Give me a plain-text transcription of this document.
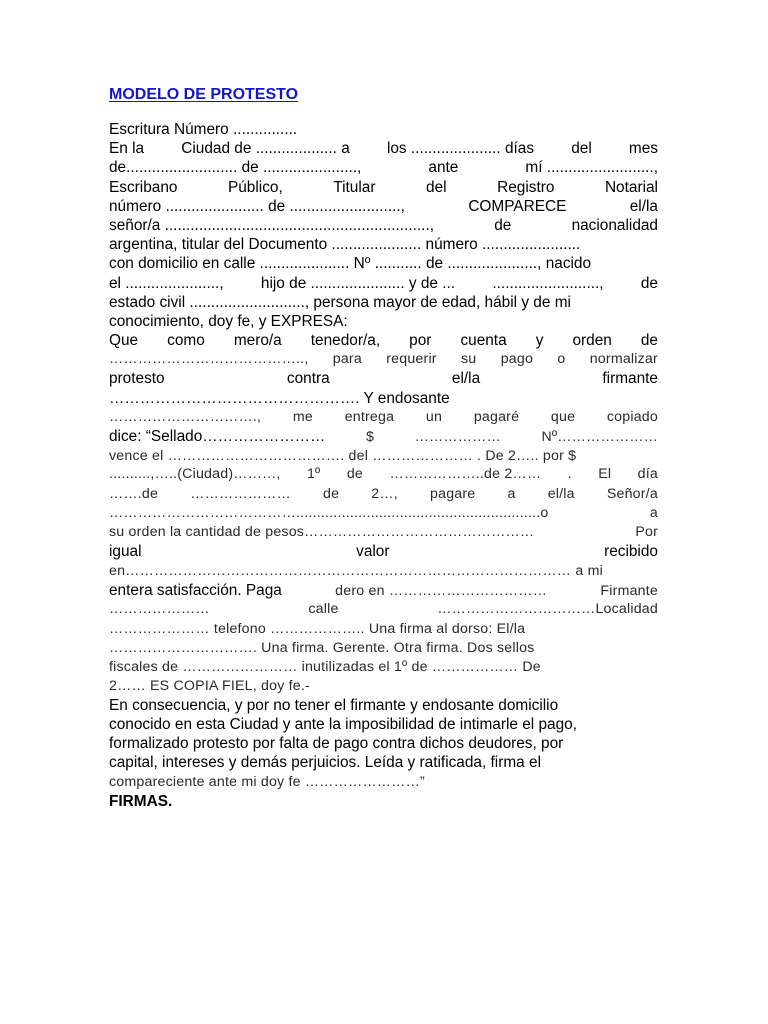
MODELO DE PROTESTO
Escritura Número ...............
En la Ciudad de ................... a los ..................... días del mes
de.......................... de ......................,	ante	mí .........................,
Escribano	Público,	Titular	del	Registro	Notarial
número ....................... de ..........................,	COMPARECE	el/la
señor/a ..............................................................,	de	nacionalidad
argentina, titular del Documento ..................... número .......................
con domicilio en calle ..................... Nº ........... de ....................., nacido
el ......................, hijo de ...................... y de ... ........................., de
estado civil ..........................., persona mayor de edad, hábil y de mi
conocimiento, doy fe, y EXPRESA:
Que como mero/a tenedor/a, por cuenta y orden de
………………………………….., para requerir su pago o normalizar
protesto	contra	el/la	firmante
…………………………………………. Y endosante
…………………………., me entrega un pagaré que copiado
dice: “Sellado……………………	$	………………	Nº…………………
vence el ………………………………. del ………………… . De 2….. por $
..........,…..(Ciudad)………, 1º de ………………..de 2…… . El día
…….de ………………… de 2…, pagare a el/la Señor/a
…………………………………...........................................................o	a
su orden la cantidad de pesos…………………………………………	Por
igual	valor	recibido
en………………………………………………………………………………… a mi
entera satisfacción. Paga	dero en ……………………………	Firmante
…………………	calle	……………………………Localidad
………………… telefono ……………….. Una firma al dorso: El/la
…………………………. Una firma. Gerente. Otra firma. Dos sellos
fiscales de …………………… inutilizadas el 1º de ……………… De
2…… ES COPIA FIEL, doy fe.-
En consecuencia, y por no tener el firmante y endosante domicilio
conocido en esta Ciudad y ante la imposibilidad de intimarle el pago,
formalizado protesto por falta de pago contra dichos deudores, por
capital, intereses y demás perjuicios. Leída y ratificada, firma el
compareciente ante mi doy fe ……………………”
FIRMAS.
